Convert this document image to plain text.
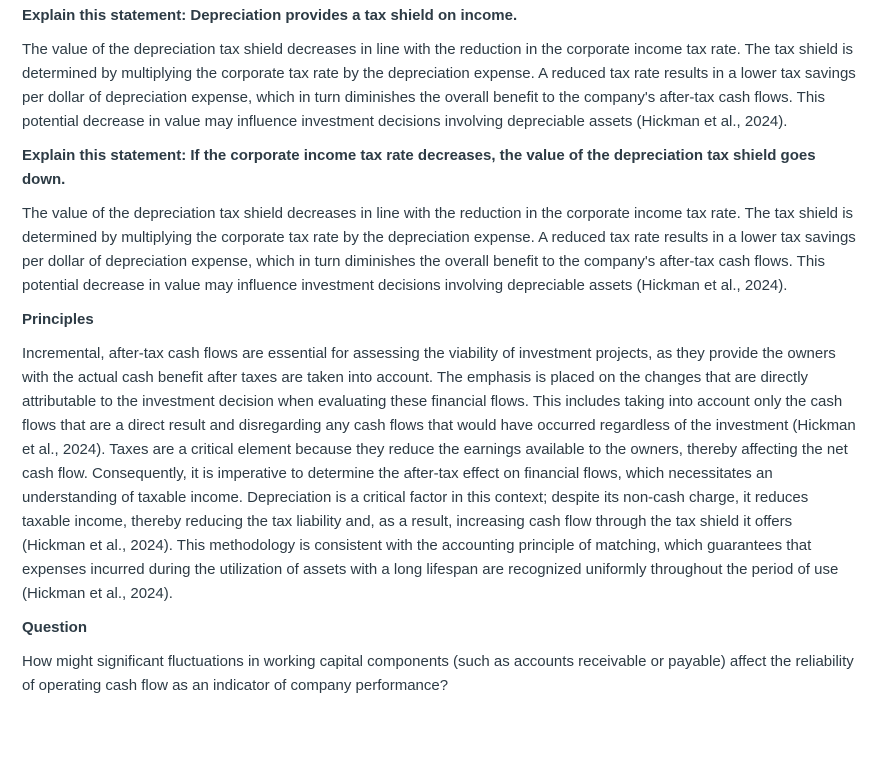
Explain this statement: Depreciation provides a tax shield on income.
The value of the depreciation tax shield decreases in line with the reduction in the corporate income tax rate. The tax shield is determined by multiplying the corporate tax rate by the depreciation expense. A reduced tax rate results in a lower tax savings per dollar of depreciation expense, which in turn diminishes the overall benefit to the company's after-tax cash flows. This potential decrease in value may influence investment decisions involving depreciable assets (Hickman et al., 2024).
Explain this statement: If the corporate income tax rate decreases, the value of the depreciation tax shield goes down.
The value of the depreciation tax shield decreases in line with the reduction in the corporate income tax rate. The tax shield is determined by multiplying the corporate tax rate by the depreciation expense. A reduced tax rate results in a lower tax savings per dollar of depreciation expense, which in turn diminishes the overall benefit to the company's after-tax cash flows. This potential decrease in value may influence investment decisions involving depreciable assets (Hickman et al., 2024).
Principles
Incremental, after-tax cash flows are essential for assessing the viability of investment projects, as they provide the owners with the actual cash benefit after taxes are taken into account. The emphasis is placed on the changes that are directly attributable to the investment decision when evaluating these financial flows. This includes taking into account only the cash flows that are a direct result and disregarding any cash flows that would have occurred regardless of the investment (Hickman et al., 2024). Taxes are a critical element because they reduce the earnings available to the owners, thereby affecting the net cash flow. Consequently, it is imperative to determine the after-tax effect on financial flows, which necessitates an understanding of taxable income. Depreciation is a critical factor in this context; despite its non-cash charge, it reduces taxable income, thereby reducing the tax liability and, as a result, increasing cash flow through the tax shield it offers (Hickman et al., 2024). This methodology is consistent with the accounting principle of matching, which guarantees that expenses incurred during the utilization of assets with a long lifespan are recognized uniformly throughout the period of use (Hickman et al., 2024).
Question
How might significant fluctuations in working capital components (such as accounts receivable or payable) affect the reliability of operating cash flow as an indicator of company performance?
